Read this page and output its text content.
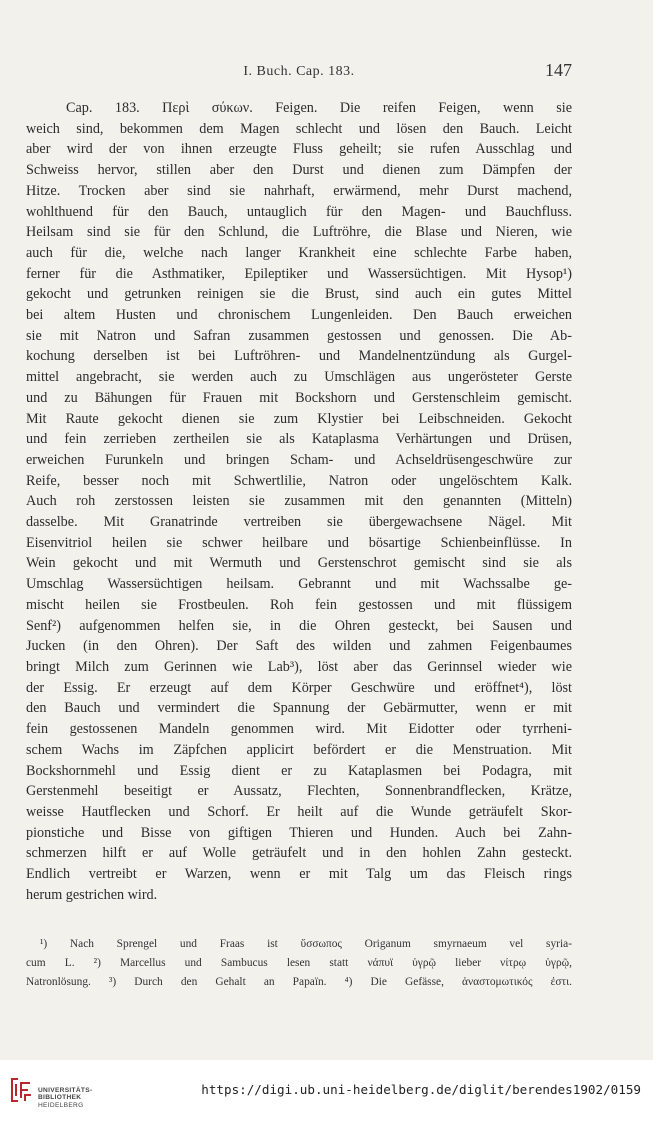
I. Buch. Cap. 183.	147
Cap. 183. Περὶ σύκων. Feigen. Die reifen Feigen, wenn sie
weich sind, bekommen dem Magen schlecht und lösen den Bauch. Leicht
aber wird der von ihnen erzeugte Fluss geheilt; sie rufen Ausschlag und
Schweiss hervor, stillen aber den Durst und dienen zum Dämpfen der
Hitze. Trocken aber sind sie nahrhaft, erwärmend, mehr Durst machend,
wohlthuend für den Bauch, untauglich für den Magen- und Bauchfluss.
Heilsam sind sie für den Schlund, die Luftröhre, die Blase und Nieren, wie
auch für die, welche nach langer Krankheit eine schlechte Farbe haben,
ferner für die Asthmatiker, Epileptiker und Wassersüchtigen. Mit Hysop¹)
gekocht und getrunken reinigen sie die Brust, sind auch ein gutes Mittel
bei altem Husten und chronischem Lungenleiden. Den Bauch erweichen
sie mit Natron und Safran zusammen gestossen und genossen. Die Ab-
kochung derselben ist bei Luftröhren- und Mandelnentzündung als Gurgel-
mittel angebracht, sie werden auch zu Umschlägen aus ungerösteter Gerste
und zu Bähungen für Frauen mit Bockshorn und Gerstenschleim gemischt.
Mit Raute gekocht dienen sie zum Klystier bei Leibschneiden. Gekocht
und fein zerrieben zertheilen sie als Kataplasma Verhärtungen und Drüsen,
erweichen Furunkeln und bringen Scham- und Achseldrüsengeschwüre zur
Reife, besser noch mit Schwertlilie, Natron oder ungelöschtem Kalk.
Auch roh zerstossen leisten sie zusammen mit den genannten (Mitteln)
dasselbe. Mit Granatrinde vertreiben sie übergewachsene Nägel. Mit
Eisenvitriol heilen sie schwer heilbare und bösartige Schienbeinflüsse. In
Wein gekocht und mit Wermuth und Gerstenschrot gemischt sind sie als
Umschlag Wassersüchtigen heilsam. Gebrannt und mit Wachssalbe ge-
mischt heilen sie Frostbeulen. Roh fein gestossen und mit flüssigem
Senf²) aufgenommen helfen sie, in die Ohren gesteckt, bei Sausen und
Jucken (in den Ohren). Der Saft des wilden und zahmen Feigenbaumes
bringt Milch zum Gerinnen wie Lab³), löst aber das Gerinnsel wieder wie
der Essig. Er erzeugt auf dem Körper Geschwüre und eröffnet⁴), löst
den Bauch und vermindert die Spannung der Gebärmutter, wenn er mit
fein gestossenen Mandeln genommen wird. Mit Eidotter oder tyrrheni-
schem Wachs im Zäpfchen applicirt befördert er die Menstruation. Mit
Bockshornmehl und Essig dient er zu Kataplasmen bei Podagra, mit
Gerstenmehl beseitigt er Aussatz, Flechten, Sonnenbrandflecken, Krätze,
weisse Hautflecken und Schorf. Er heilt auf die Wunde geträufelt Skor-
pionstiche und Bisse von giftigen Thieren und Hunden. Auch bei Zahn-
schmerzen hilft er auf Wolle geträufelt und in den hohlen Zahn gesteckt.
Endlich vertreibt er Warzen, wenn er mit Talg um das Fleisch rings
herum gestrichen wird.
¹) Nach Sprengel und Fraas ist ὕσσωπος Origanum smyrnaeum vel syria-
cum L. ²) Marcellus und Sambucus lesen statt νάπυϊ ὑγρῷ lieber νίτρῳ ὑγρῷ,
Natronlösung. ³) Durch den Gehalt an Papaïn. ⁴) Die Gefässe, ἀναστομωτικός ἐστι.
UNIVERSITÄTS-
BIBLIOTHEK
HEIDELBERG
https://digi.ub.uni-heidelberg.de/diglit/berendes1902/0159
